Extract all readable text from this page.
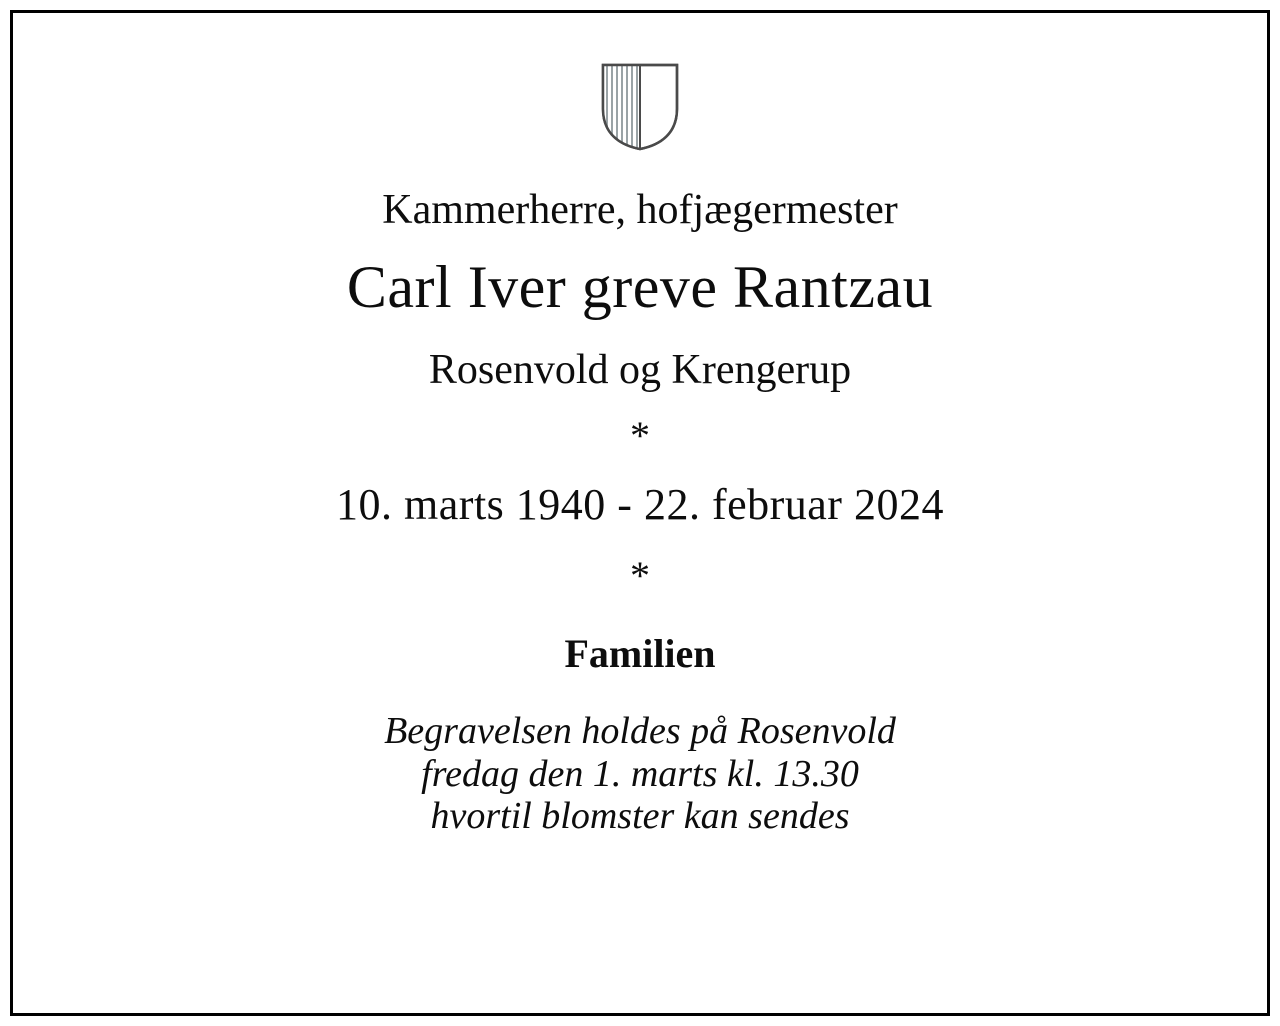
Kammerherre, hofjægermester
Carl Iver greve Rantzau
Rosenvold og Krengerup
*
10. marts 1940 - 22. februar 2024
*
Familien
Begravelsen holdes på Rosenvold
fredag den 1. marts kl. 13.30
hvortil blomster kan sendes
